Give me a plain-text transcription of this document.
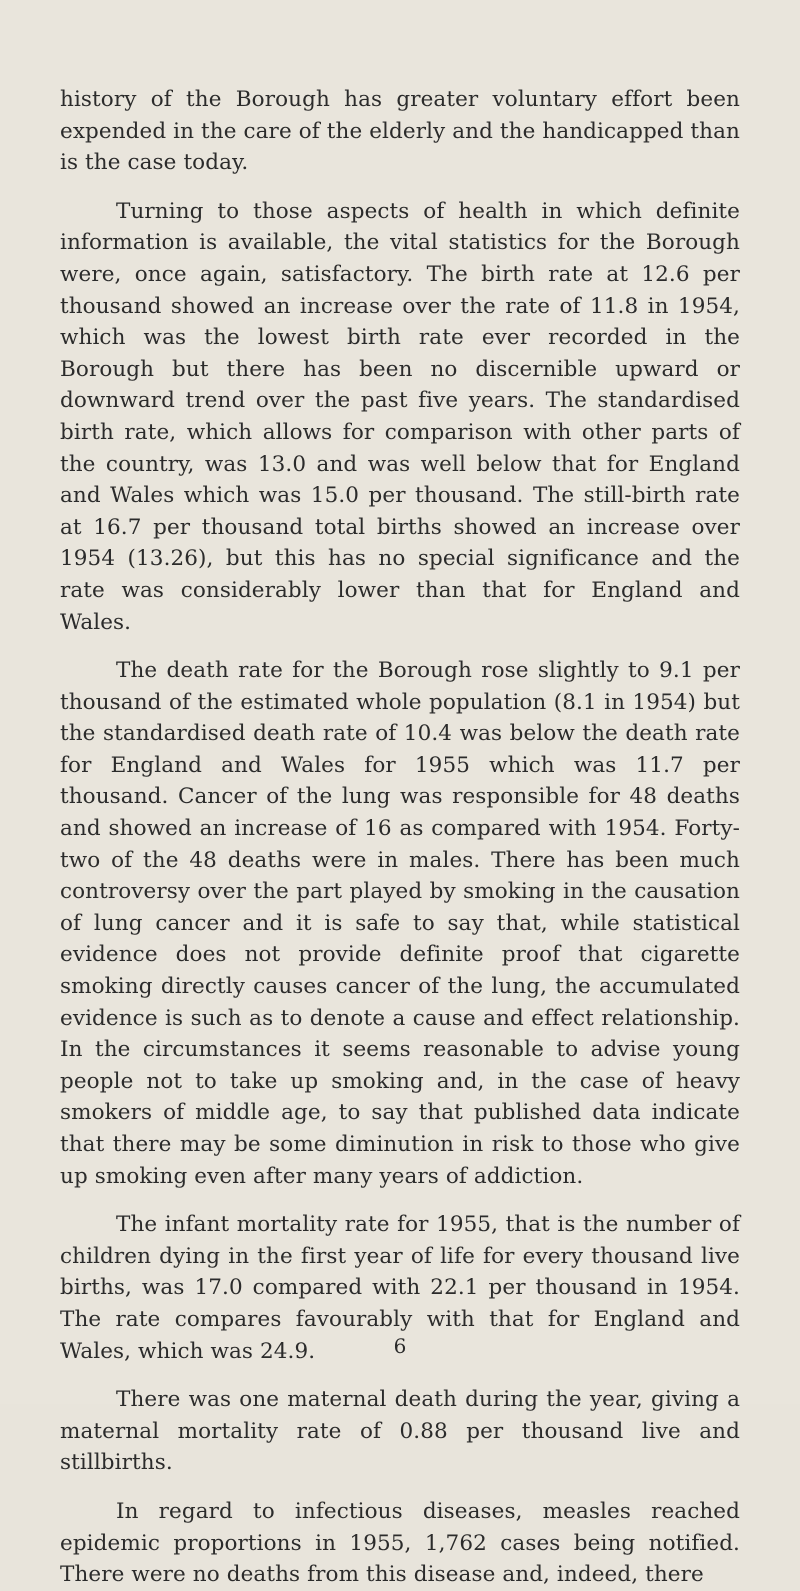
history of the Borough has greater voluntary effort been expended in the care of the elderly and the handicapped than is the case today.

Turning to those aspects of health in which definite information is available, the vital statistics for the Borough were, once again, satisfactory. The birth rate at 12.6 per thousand showed an increase over the rate of 11.8 in 1954, which was the lowest birth rate ever recorded in the Borough but there has been no discernible upward or downward trend over the past five years. The standardised birth rate, which allows for comparison with other parts of the country, was 13.0 and was well below that for England and Wales which was 15.0 per thousand. The still-birth rate at 16.7 per thousand total births showed an increase over 1954 (13.26), but this has no special significance and the rate was considerably lower than that for England and Wales.

The death rate for the Borough rose slightly to 9.1 per thousand of the estimated whole population (8.1 in 1954) but the standardised death rate of 10.4 was below the death rate for England and Wales for 1955 which was 11.7 per thousand. Cancer of the lung was responsible for 48 deaths and showed an increase of 16 as compared with 1954. Forty-two of the 48 deaths were in males. There has been much controversy over the part played by smoking in the causation of lung cancer and it is safe to say that, while statistical evidence does not provide definite proof that cigarette smoking directly causes cancer of the lung, the accumulated evidence is such as to denote a cause and effect relationship. In the circumstances it seems reasonable to advise young people not to take up smoking and, in the case of heavy smokers of middle age, to say that published data indicate that there may be some diminution in risk to those who give up smoking even after many years of addiction.

The infant mortality rate for 1955, that is the number of children dying in the first year of life for every thousand live births, was 17.0 compared with 22.1 per thousand in 1954. The rate compares favourably with that for England and Wales, which was 24.9.

There was one maternal death during the year, giving a maternal mortality rate of 0.88 per thousand live and stillbirths.

In regard to infectious diseases, measles reached epidemic proportions in 1955, 1,762 cases being notified. There were no deaths from this disease and, indeed, there

6
